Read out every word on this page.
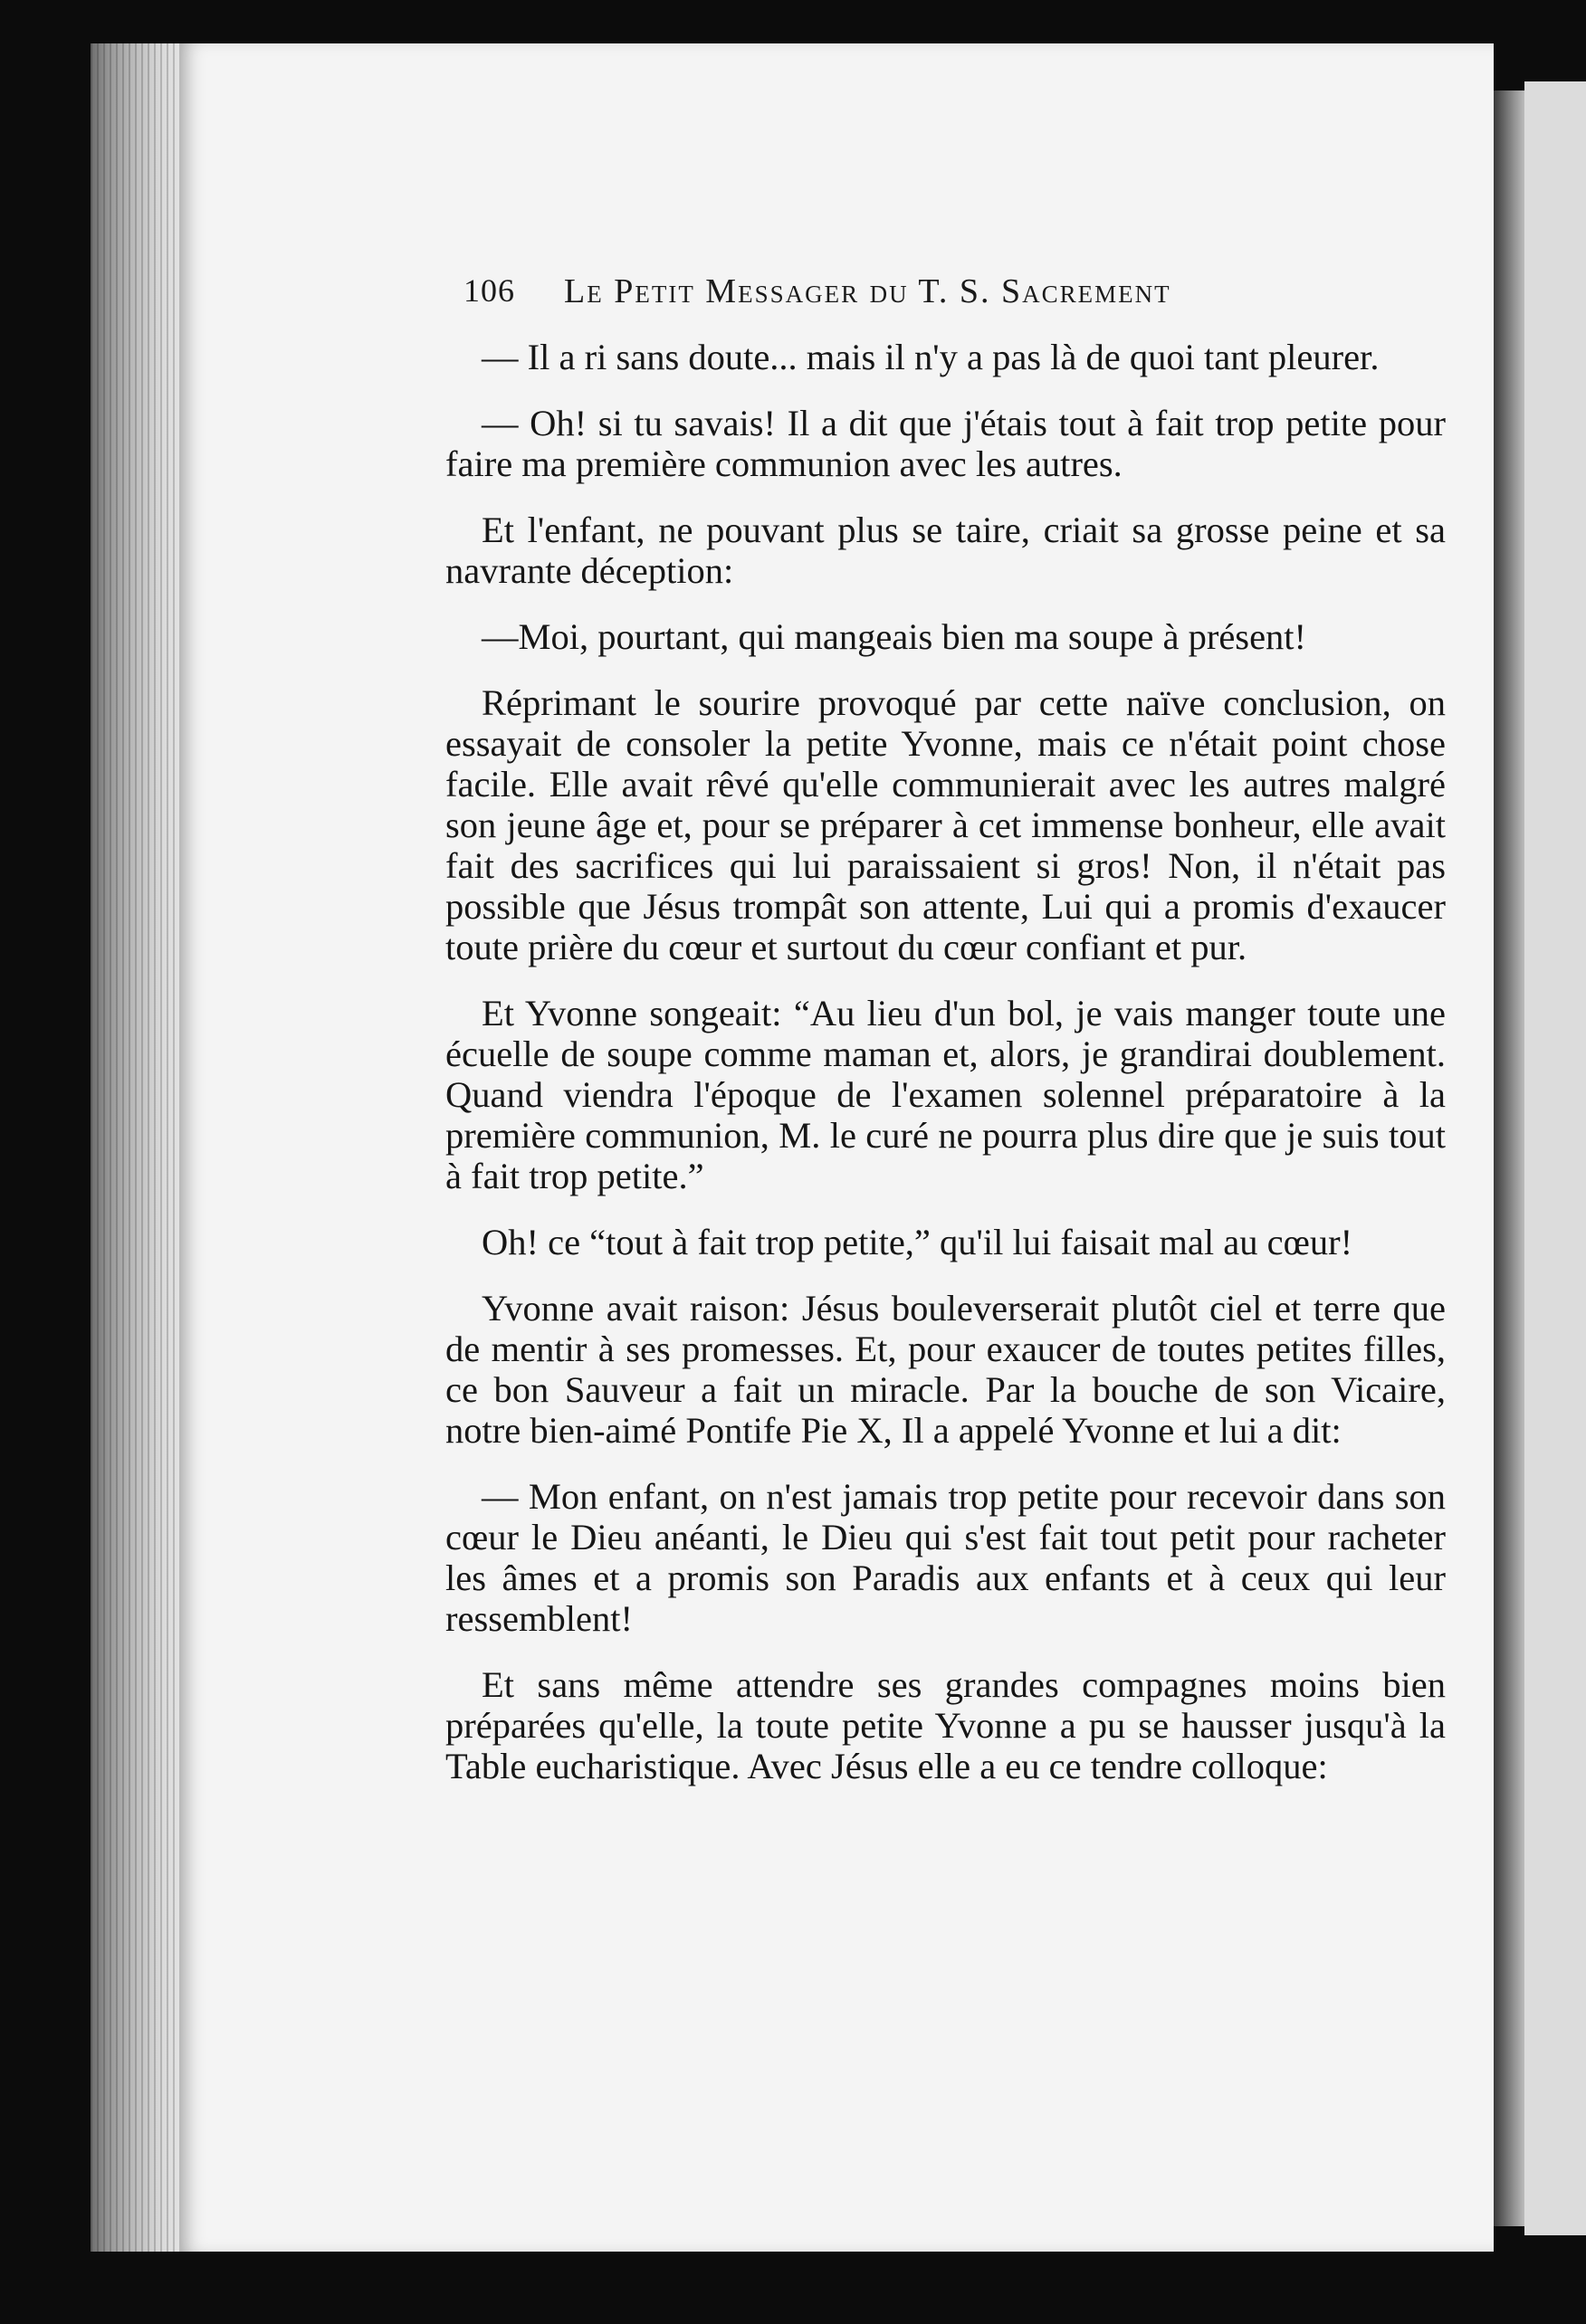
106 Le Petit Messager du T. S. Sacrement

— Il a ri sans doute... mais il n'y a pas là de quoi tant pleurer.

— Oh! si tu savais! Il a dit que j'étais tout à fait trop petite pour faire ma première communion avec les autres.

Et l'enfant, ne pouvant plus se taire, criait sa grosse peine et sa navrante déception:

—Moi, pourtant, qui mangeais bien ma soupe à présent!

Réprimant le sourire provoqué par cette naïve conclusion, on essayait de consoler la petite Yvonne, mais ce n'était point chose facile. Elle avait rêvé qu'elle communierait avec les autres malgré son jeune âge et, pour se préparer à cet immense bonheur, elle avait fait des sacrifices qui lui paraissaient si gros! Non, il n'était pas possible que Jésus trompât son attente, Lui qui a promis d'exaucer toute prière du cœur et surtout du cœur confiant et pur.

Et Yvonne songeait: “Au lieu d'un bol, je vais manger toute une écuelle de soupe comme maman et, alors, je grandirai doublement. Quand viendra l'époque de l'examen solennel préparatoire à la première communion, M. le curé ne pourra plus dire que je suis tout à fait trop petite.”

Oh! ce “tout à fait trop petite,” qu'il lui faisait mal au cœur!

Yvonne avait raison: Jésus bouleverserait plutôt ciel et terre que de mentir à ses promesses. Et, pour exaucer de toutes petites filles, ce bon Sauveur a fait un miracle. Par la bouche de son Vicaire, notre bien-aimé Pontife Pie X, Il a appelé Yvonne et lui a dit:

— Mon enfant, on n'est jamais trop petite pour recevoir dans son cœur le Dieu anéanti, le Dieu qui s'est fait tout petit pour racheter les âmes et a promis son Paradis aux enfants et à ceux qui leur ressemblent!

Et sans même attendre ses grandes compagnes moins bien préparées qu'elle, la toute petite Yvonne a pu se hausser jusqu'à la Table eucharistique. Avec Jésus elle a eu ce tendre colloque:
